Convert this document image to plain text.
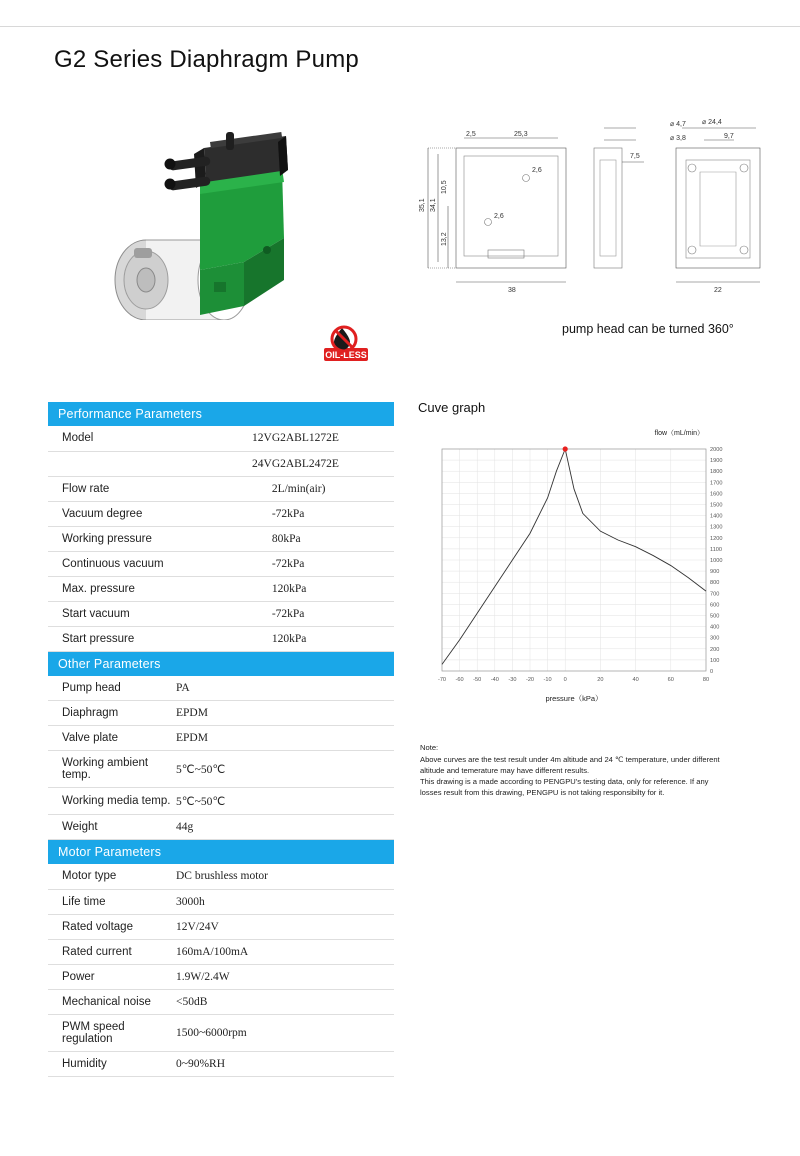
G2 Series Diaphragm Pump
OIL-LESS
⌀ 4,7
⌀ 3,8
⌀ 24,4
9,7
2,5	25,3
2,6
2,6
7,5
35,1 34,1
10,5
13,2
38	22
pump head can be turned 360°
Performance Parameters		
Model	12V	G2ABL1272E
	24V	G2ABL2472E
Flow rate		2L/min(air)
Vacuum degree		-72kPa
Working pressure		80kPa
Continuous vacuum		-72kPa
Max. pressure		120kPa
Start vacuum		-72kPa
Start pressure		120kPa
Other Parameters	
Pump head	PA
Diaphragm	EPDM
Valve plate	EPDM
Working ambient temp.	5℃~50℃
Working media temp.	5℃~50℃
Weight	44g
Motor Parameters	
Motor type	DC brushless motor
Life time	3000h
Rated voltage	12V/24V
Rated current	160mA/100mA
Power	1.9W/2.4W
Mechanical noise	<50dB
PWM speed regulation	1500~6000rpm
Humidity	0~90%RH
Cuve graph
flow（mL/min）
0
100
200
300
400
500
600
700
800
900
1000
1100
1200
1300
1400
1500
1600
1700
1800
1900
2000
-70 -60 -50 -40 -30 -20 -10 0	20	40	60	80
pressure（kPa）
Note:
Above curves are the test result under 4m altitude and 24 ℃ temperature, under different
altitude and temerature may have different results.
This drawing is a made according to PENGPU's testing data, only for reference. If any
losses result from this drawing, PENGPU is not taking responsibilty for it.
